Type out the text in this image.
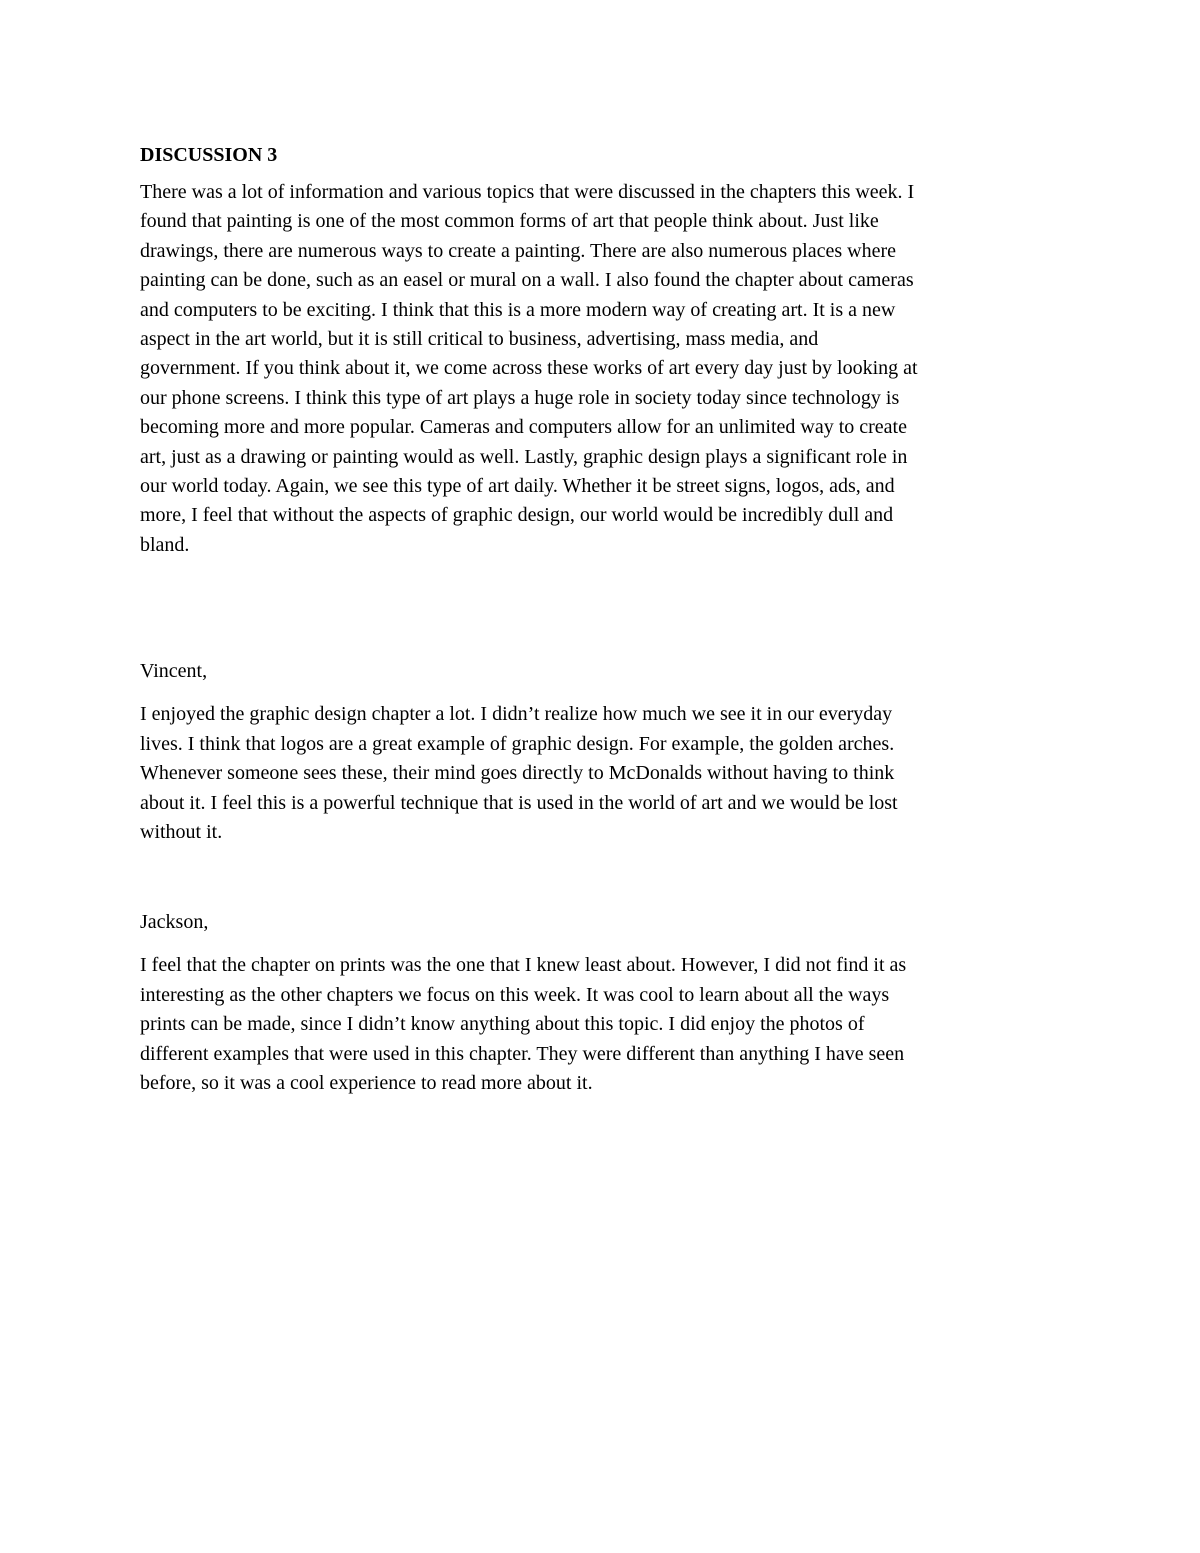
DISCUSSION 3
There was a lot of information and various topics that were discussed in the chapters this week. I
found that painting is one of the most common forms of art that people think about. Just like
drawings, there are numerous ways to create a painting. There are also numerous places where
painting can be done, such as an easel or mural on a wall. I also found the chapter about cameras
and computers to be exciting. I think that this is a more modern way of creating art. It is a new
aspect in the art world, but it is still critical to business, advertising, mass media, and
government. If you think about it, we come across these works of art every day just by looking at
our phone screens. I think this type of art plays a huge role in society today since technology is
becoming more and more popular. Cameras and computers allow for an unlimited way to create
art, just as a drawing or painting would as well. Lastly, graphic design plays a significant role in
our world today. Again, we see this type of art daily. Whether it be street signs, logos, ads, and
more, I feel that without the aspects of graphic design, our world would be incredibly dull and
bland.
Vincent,
I enjoyed the graphic design chapter a lot. I didn’t realize how much we see it in our everyday
lives. I think that logos are a great example of graphic design. For example, the golden arches.
Whenever someone sees these, their mind goes directly to McDonalds without having to think
about it. I feel this is a powerful technique that is used in the world of art and we would be lost
without it.
Jackson,
I feel that the chapter on prints was the one that I knew least about. However, I did not find it as
interesting as the other chapters we focus on this week. It was cool to learn about all the ways
prints can be made, since I didn’t know anything about this topic. I did enjoy the photos of
different examples that were used in this chapter. They were different than anything I have seen
before, so it was a cool experience to read more about it.
